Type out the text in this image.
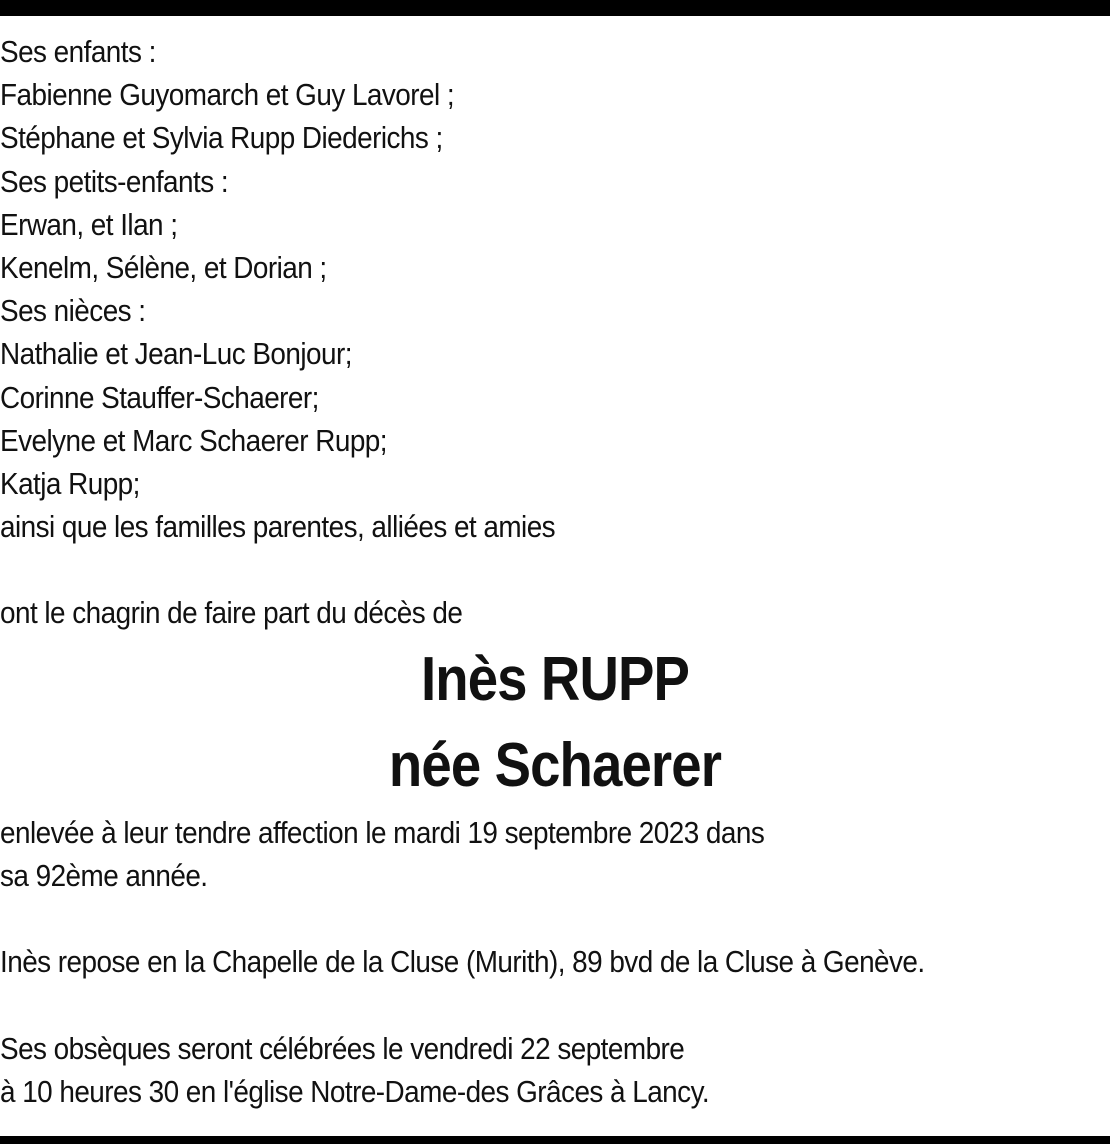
Ses enfants :
Fabienne Guyomarch et Guy Lavorel ;
Stéphane et Sylvia Rupp Diederichs ;
Ses petits-enfants :
Erwan, et Ilan ;
Kenelm, Sélène, et Dorian ;
Ses nièces :
Nathalie et Jean-Luc Bonjour;
Corinne Stauffer-Schaerer;
Evelyne et Marc Schaerer Rupp;
Katja Rupp;
ainsi que les familles parentes, alliées et amies
ont le chagrin de faire part du décès de
Inès RUPP
née Schaerer
enlevée à leur tendre affection le mardi 19 septembre 2023 dans
sa 92ème année.
Inès repose en la Chapelle de la Cluse (Murith), 89 bvd de la Cluse à Genève.
Ses obsèques seront célébrées le vendredi 22 septembre
à 10 heures 30 en l'église Notre-Dame-des Grâces à Lancy.
